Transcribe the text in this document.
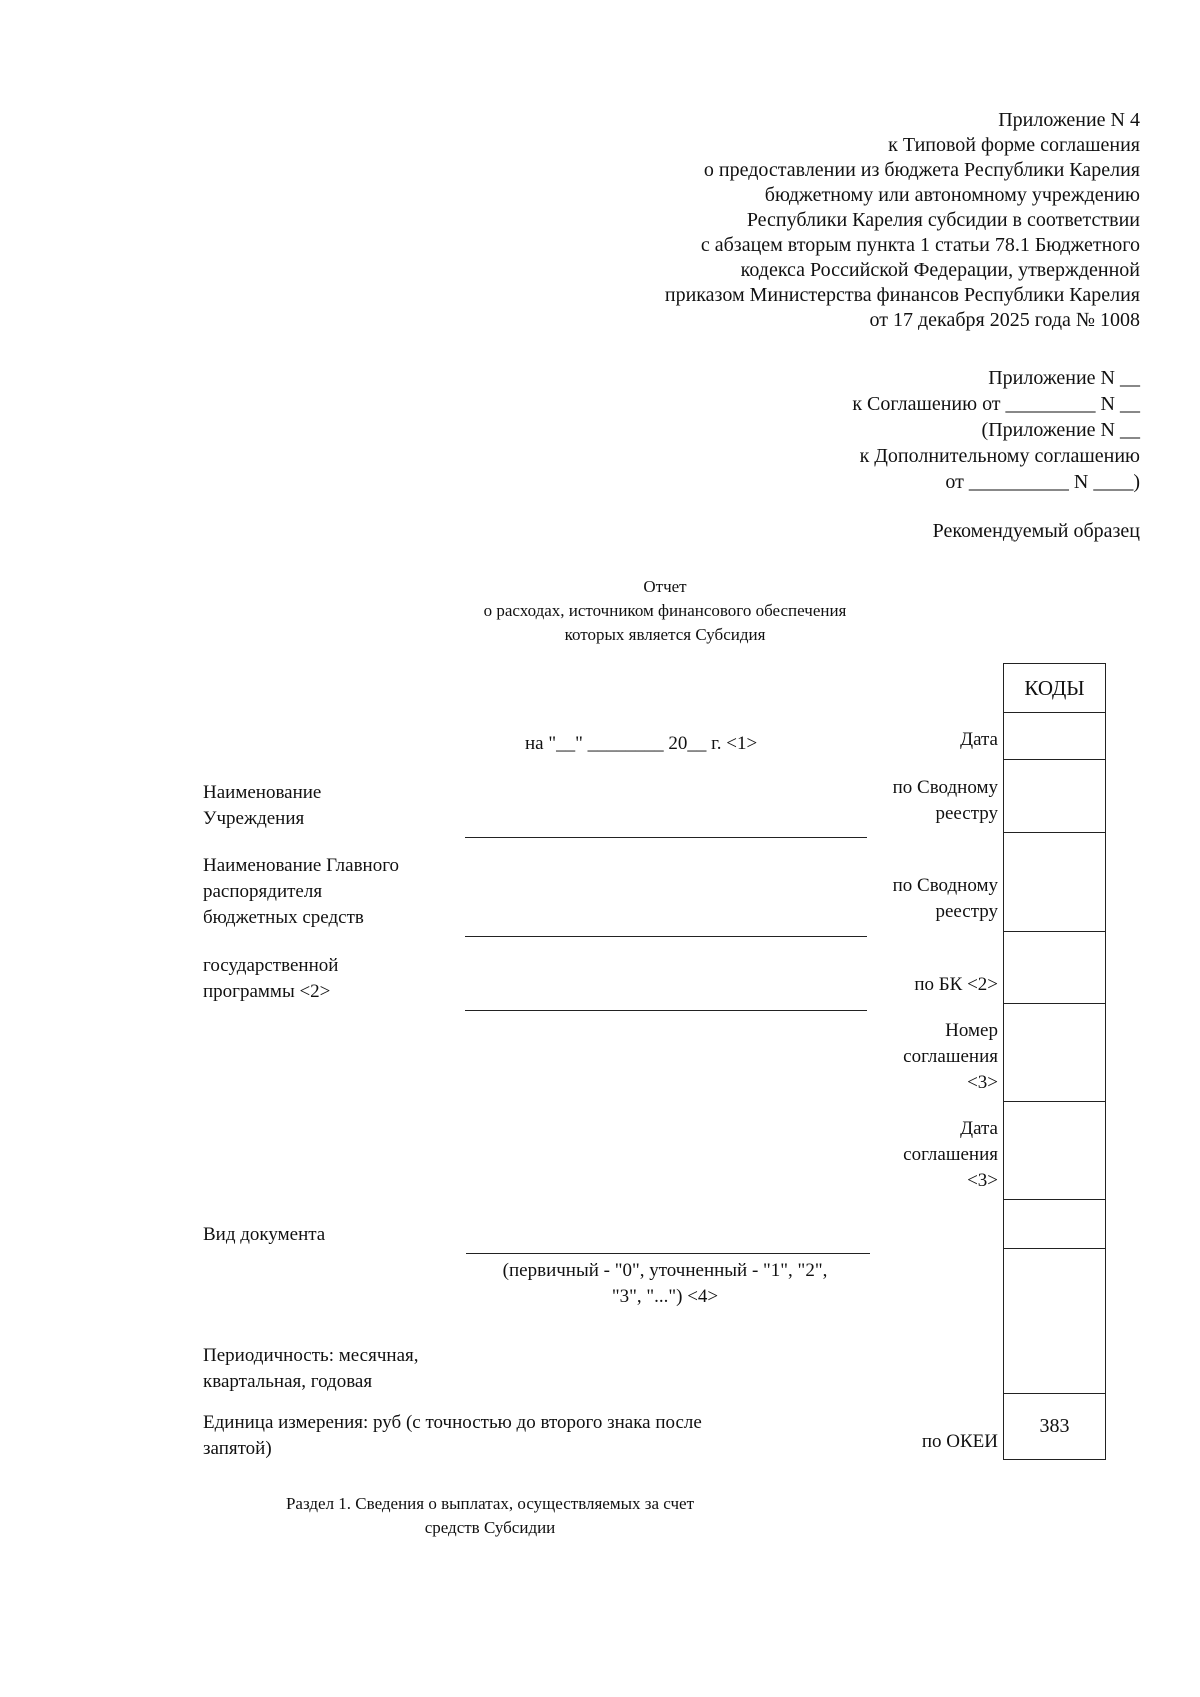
Приложение N 4
к Типовой форме соглашения
о предоставлении из бюджета Республики Карелия
бюджетному или автономному учреждению
Республики Карелия субсидии в соответствии
с абзацем вторым пункта 1 статьи 78.1 Бюджетного
кодекса Российской Федерации, утвержденной
приказом Министерства финансов Республики Карелия
от 17 декабря 2025 года № 1008
Приложение N __
к Соглашению от _________ N __
(Приложение N __
к Дополнительному соглашению
от __________ N ____)
Рекомендуемый образец
Отчет
о расходах, источником финансового обеспечения
которых является Субсидия
на "__" ________ 20__ г. <1>
Наименование
Учреждения
Наименование Главного
распорядителя
бюджетных средств
государственной
программы <2>
Вид документа
(первичный - "0", уточненный - "1", "2",
"3", "...") <4>
Периодичность: месячная,
квартальная, годовая
Единица измерения: руб (с точностью до второго знака после
запятой)
Дата
по Сводному
реестру
по Сводному
реестру
по БК <2>
Номер
соглашения
<3>
Дата
соглашения
<3>
по ОКЕИ
КОДЫ
383
Раздел 1. Сведения о выплатах, осуществляемых за счет
средств Субсидии
